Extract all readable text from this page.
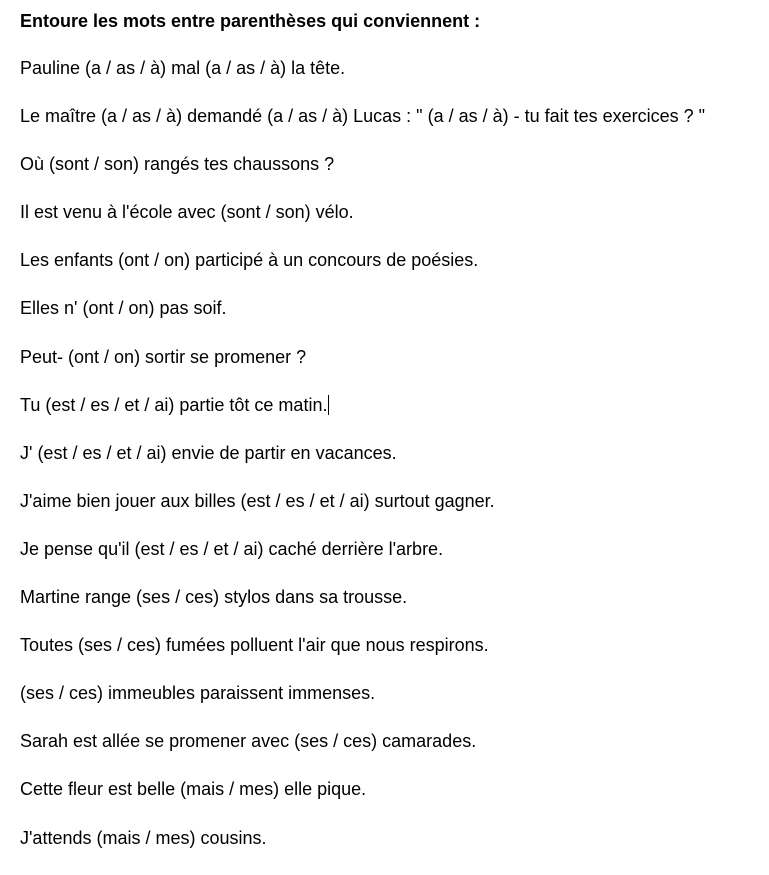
Entoure les mots entre parenthèses qui conviennent :
Pauline (a / as / à) mal (a / as / à) la tête.
Le maître (a / as / à) demandé (a / as / à) Lucas : " (a / as / à) - tu fait tes exercices ? "
Où (sont / son) rangés tes chaussons ?
Il est venu à l'école avec (sont / son) vélo.
Les enfants (ont / on) participé à un concours de poésies.
Elles n' (ont / on) pas soif.
Peut- (ont / on) sortir se promener ?
Tu (est / es / et / ai) partie tôt ce matin.
J' (est / es / et / ai) envie de partir en vacances.
J'aime bien jouer aux billes (est / es / et / ai) surtout gagner.
Je pense qu'il (est / es / et / ai) caché derrière l'arbre.
Martine range (ses / ces) stylos dans sa trousse.
Toutes (ses / ces) fumées polluent l'air que nous respirons.
(ses / ces) immeubles paraissent immenses.
Sarah est allée se promener avec (ses / ces) camarades.
Cette fleur est belle (mais / mes) elle pique.
J'attends (mais / mes) cousins.
